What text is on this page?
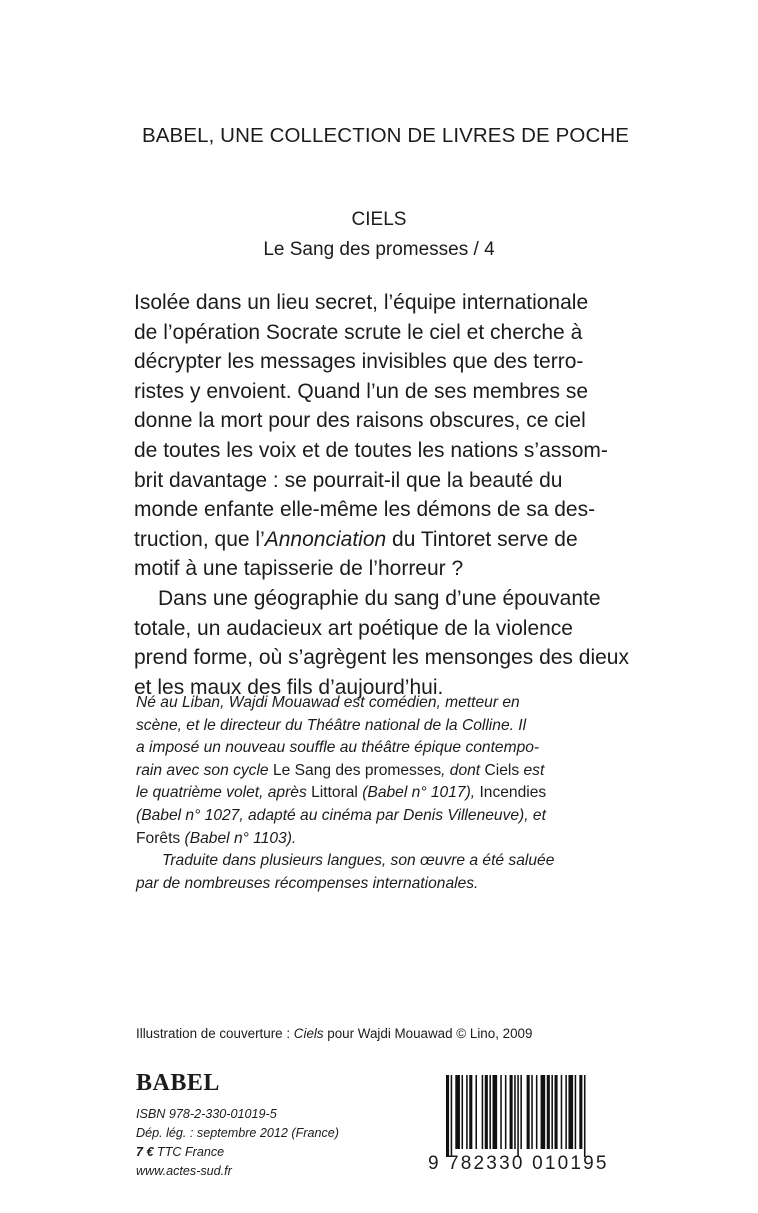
BABEL, UNE COLLECTION DE LIVRES DE POCHE
CIELS
Le Sang des promesses / 4
Isolée dans un lieu secret, l’équipe internationale
de l’opération Socrate scrute le ciel et cherche à
décrypter les messages invisibles que des terro-
ristes y envoient. Quand l’un de ses membres se
donne la mort pour des raisons obscures, ce ciel
de toutes les voix et de toutes les nations s’assom-
brit davantage : se pourrait-il que la beauté du
monde enfante elle-même les démons de sa des-
truction, que l’Annonciation du Tintoret serve de
motif à une tapisserie de l’horreur ?
Dans une géographie du sang d’une épouvante
totale, un audacieux art poétique de la violence
prend forme, où s’agrègent les mensonges des dieux
et les maux des fils d’aujourd’hui.
Né au Liban, Wajdi Mouawad est comédien, metteur en
scène, et le directeur du Théâtre national de la Colline. Il
a imposé un nouveau souffle au théâtre épique contempo-
rain avec son cycle Le Sang des promesses, dont Ciels est
le quatrième volet, après Littoral (Babel n° 1017), Incendies
(Babel n° 1027, adapté au cinéma par Denis Villeneuve), et
Forêts (Babel n° 1103).
Traduite dans plusieurs langues, son œuvre a été saluée
par de nombreuses récompenses internationales.
Illustration de couverture : Ciels pour Wajdi Mouawad © Lino, 2009
BABEL
ISBN 978-2-330-01019-5
Dép. lég. : septembre 2012 (France)
7 € TTC France
www.actes-sud.fr	9 782330 010195
